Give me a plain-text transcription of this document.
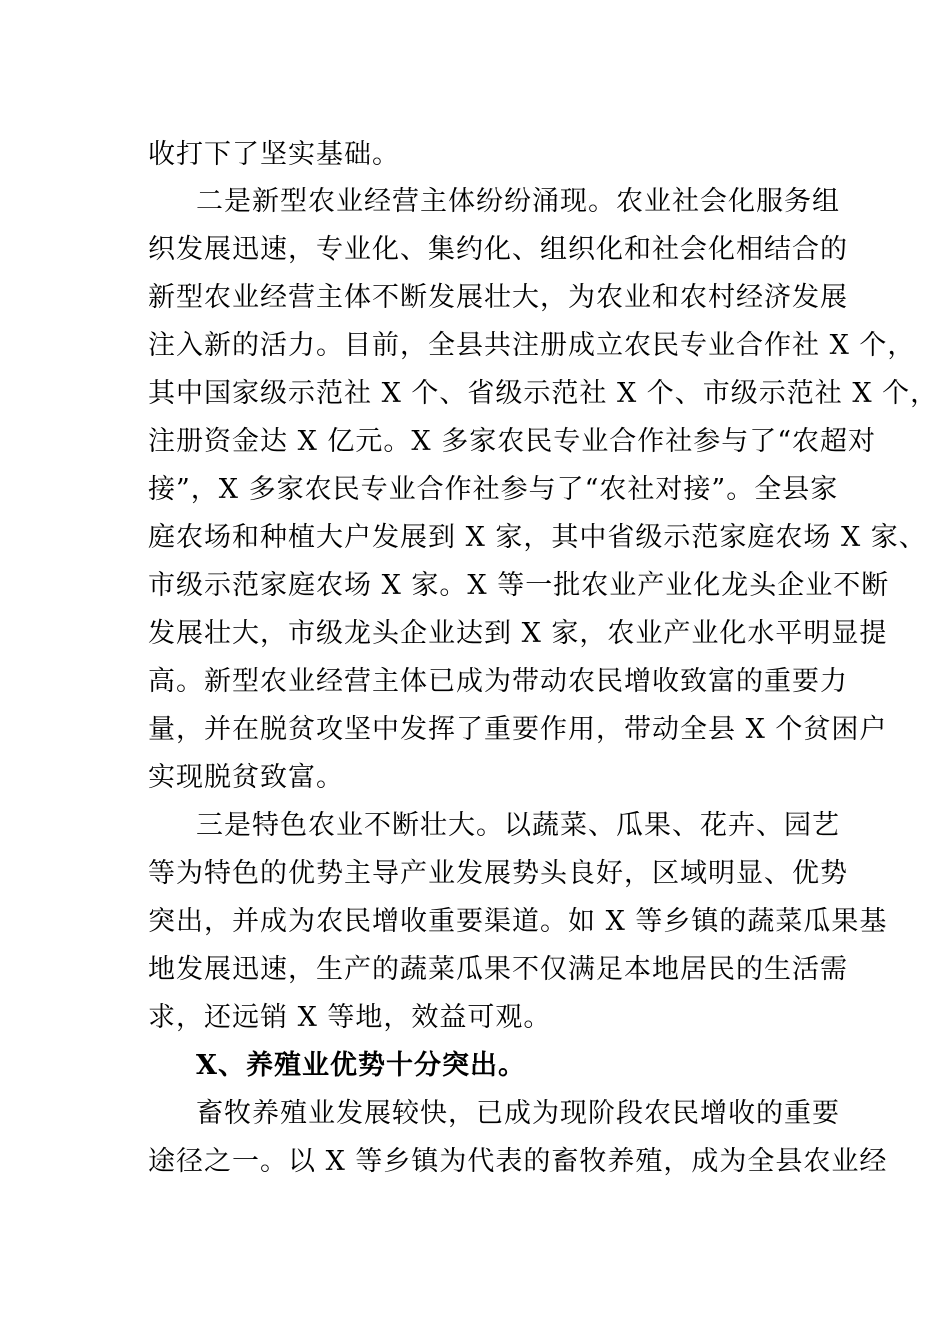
收打下了坚实基础。
二是新型农业经营主体纷纷涌现。农业社会化服务组
织发展迅速，专业化、集约化、组织化和社会化相结合的
新型农业经营主体不断发展壮大，为农业和农村经济发展
注入新的活力。目前，全县共注册成立农民专业合作社 X 个，
其中国家级示范社 X 个、省级示范社 X 个、市级示范社 X 个，
注册资金达 X 亿元。X 多家农民专业合作社参与了“农超对
接”，X 多家农民专业合作社参与了“农社对接”。全县家
庭农场和种植大户发展到 X 家，其中省级示范家庭农场 X 家、
市级示范家庭农场 X 家。X 等一批农业产业化龙头企业不断
发展壮大，市级龙头企业达到 X 家，农业产业化水平明显提
高。新型农业经营主体已成为带动农民增收致富的重要力
量，并在脱贫攻坚中发挥了重要作用，带动全县 X 个贫困户
实现脱贫致富。
三是特色农业不断壮大。以蔬菜、瓜果、花卉、园艺
等为特色的优势主导产业发展势头良好，区域明显、优势
突出，并成为农民增收重要渠道。如 X 等乡镇的蔬菜瓜果基
地发展迅速，生产的蔬菜瓜果不仅满足本地居民的生活需
求，还远销 X 等地，效益可观。
X、养殖业优势十分突出。
畜牧养殖业发展较快，已成为现阶段农民增收的重要
途径之一。以 X 等乡镇为代表的畜牧养殖，成为全县农业经
